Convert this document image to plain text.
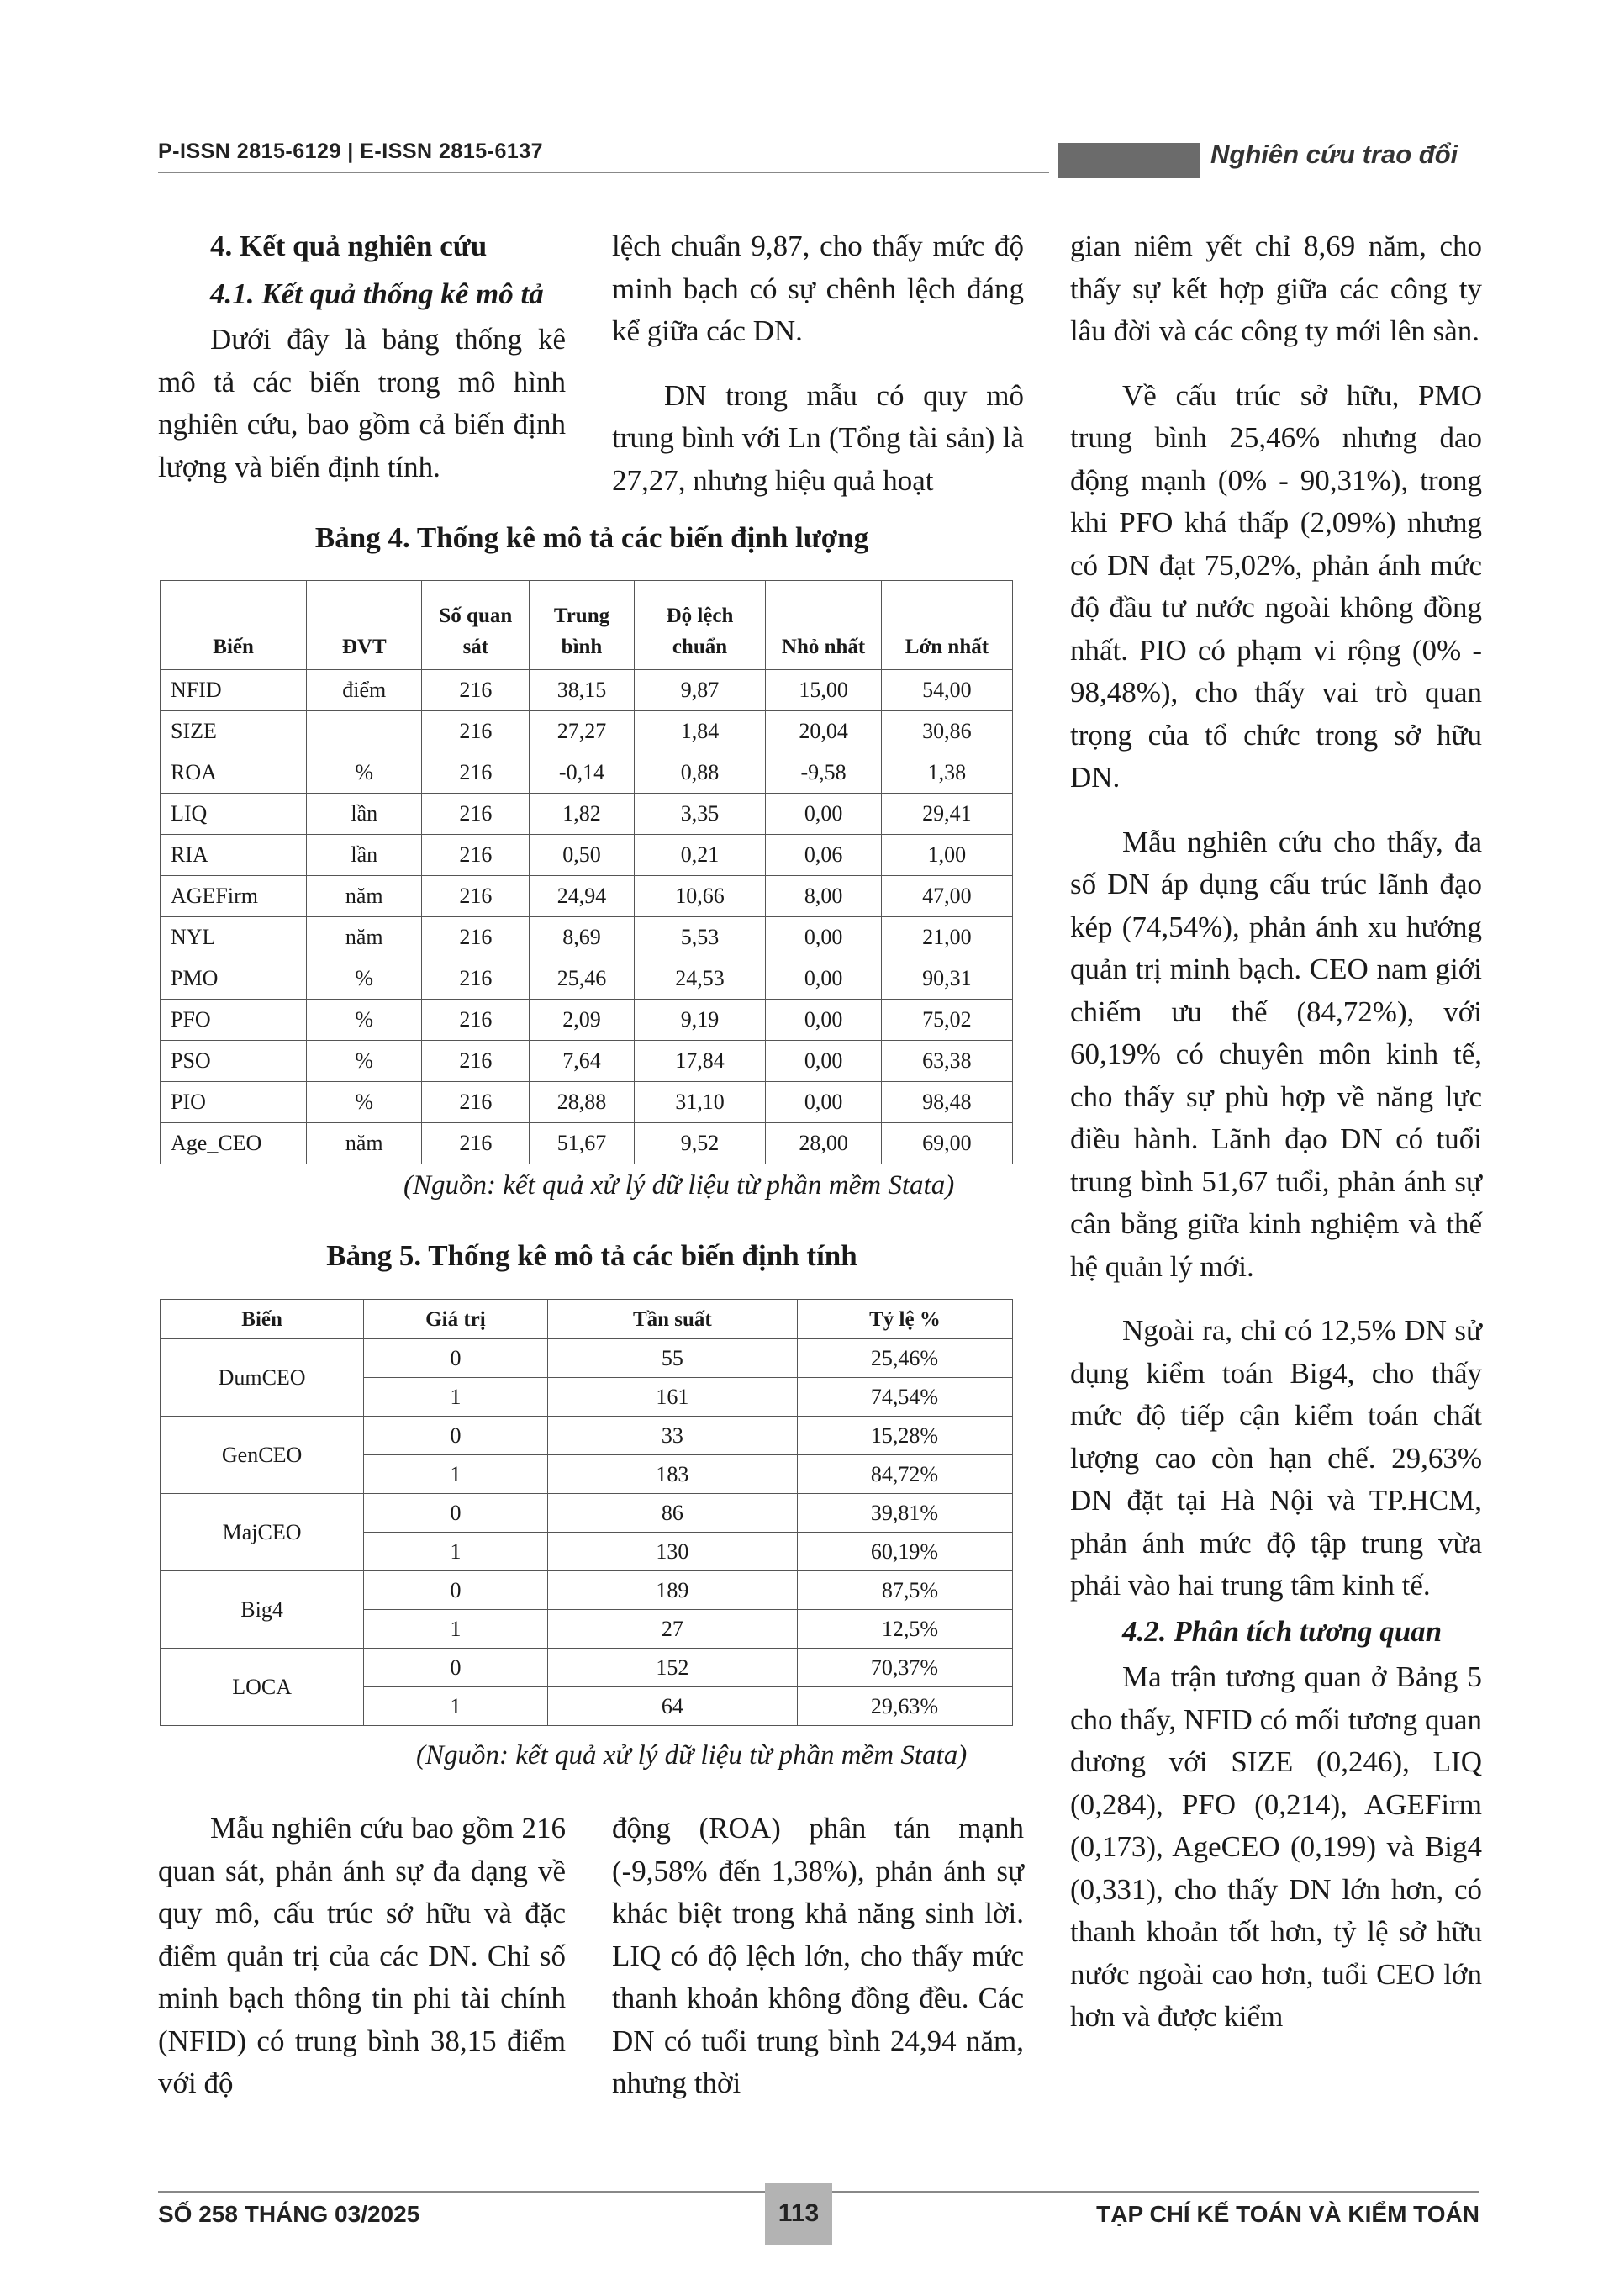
P-ISSN 2815-6129 | E-ISSN 2815-6137	Nghiên cứu trao đổi
4. Kết quả nghiên cứu
4.1. Kết quả thống kê mô tả

Dưới đây là bảng thống kê mô tả các biến trong mô hình nghiên cứu, bao gồm cả biến định lượng và biến định tính.

lệch chuẩn 9,87, cho thấy mức độ minh bạch có sự chênh lệch đáng kể giữa các DN.

DN trong mẫu có quy mô trung bình với Ln (Tổng tài sản) là 27,27, nhưng hiệu quả hoạt

gian niêm yết chỉ 8,69 năm, cho thấy sự kết hợp giữa các công ty lâu đời và các công ty mới lên sàn.

Về cấu trúc sở hữu, PMO trung bình 25,46% nhưng dao động mạnh (0% - 90,31%), trong khi PFO khá thấp (2,09%) nhưng có DN đạt 75,02%, phản ánh mức độ đầu tư nước ngoài không đồng nhất. PIO có phạm vi rộng (0% - 98,48%), cho thấy vai trò quan trọng của tổ chức trong sở hữu DN.

Mẫu nghiên cứu cho thấy, đa số DN áp dụng cấu trúc lãnh đạo kép (74,54%), phản ánh xu hướng quản trị minh bạch. CEO nam giới chiếm ưu thế (84,72%), với 60,19% có chuyên môn kinh tế, cho thấy sự phù hợp về năng lực điều hành. Lãnh đạo DN có tuổi trung bình 51,67 tuổi, phản ánh sự cân bằng giữa kinh nghiệm và thế hệ quản lý mới.

Ngoài ra, chỉ có 12,5% DN sử dụng kiểm toán Big4, cho thấy mức độ tiếp cận kiểm toán chất lượng cao còn hạn chế. 29,63% DN đặt tại Hà Nội và TP.HCM, phản ánh mức độ tập trung vừa phải vào hai trung tâm kinh tế.

4.2. Phân tích tương quan

Ma trận tương quan ở Bảng 5 cho thấy, NFID có mối tương quan dương với SIZE (0,246), LIQ (0,284), PFO (0,214), AGEFirm (0,173), AgeCEO (0,199) và Big4 (0,331), cho thấy DN lớn hơn, có thanh khoản tốt hơn, tỷ lệ sở hữu nước ngoài cao hơn, tuổi CEO lớn hơn và được kiểm

Bảng 4. Thống kê mô tả các biến định lượng
Biến	ĐVT	Số quan sát	Trung bình	Độ lệch chuẩn	Nhỏ nhất	Lớn nhất
NFID	điểm	216	38,15	9,87	15,00	54,00
SIZE		216	27,27	1,84	20,04	30,86
ROA	%	216	-0,14	0,88	-9,58	1,38
LIQ	lần	216	1,82	3,35	0,00	29,41
RIA	lần	216	0,50	0,21	0,06	1,00
AGEFirm	năm	216	24,94	10,66	8,00	47,00
NYL	năm	216	8,69	5,53	0,00	21,00
PMO	%	216	25,46	24,53	0,00	90,31
PFO	%	216	2,09	9,19	0,00	75,02
PSO	%	216	7,64	17,84	0,00	63,38
PIO	%	216	28,88	31,10	0,00	98,48
Age_CEO	năm	216	51,67	9,52	28,00	69,00
(Nguồn: kết quả xử lý dữ liệu từ phần mềm Stata)
Bảng 5. Thống kê mô tả các biến định tính
Biến	Giá trị	Tần suất	Tỷ lệ %
DumCEO	0	55	25,46%
	1	161	74,54%
GenCEO	0	33	15,28%
	1	183	84,72%
MajCEO	0	86	39,81%
	1	130	60,19%
Big4	0	189	87,5%
	1	27	12,5%
LOCA	0	152	70,37%
	1	64	29,63%
(Nguồn: kết quả xử lý dữ liệu từ phần mềm Stata)

Mẫu nghiên cứu bao gồm 216 quan sát, phản ánh sự đa dạng về quy mô, cấu trúc sở hữu và đặc điểm quản trị của các DN. Chỉ số minh bạch thông tin phi tài chính (NFID) có trung bình 38,15 điểm với độ

động (ROA) phân tán mạnh (-9,58% đến 1,38%), phản ánh sự khác biệt trong khả năng sinh lời. LIQ có độ lệch lớn, cho thấy mức thanh khoản không đồng đều. Các DN có tuổi trung bình 24,94 năm, nhưng thời

SỐ 258 THÁNG 03/2025	113	TẠP CHÍ KẾ TOÁN VÀ KIỂM TOÁN
